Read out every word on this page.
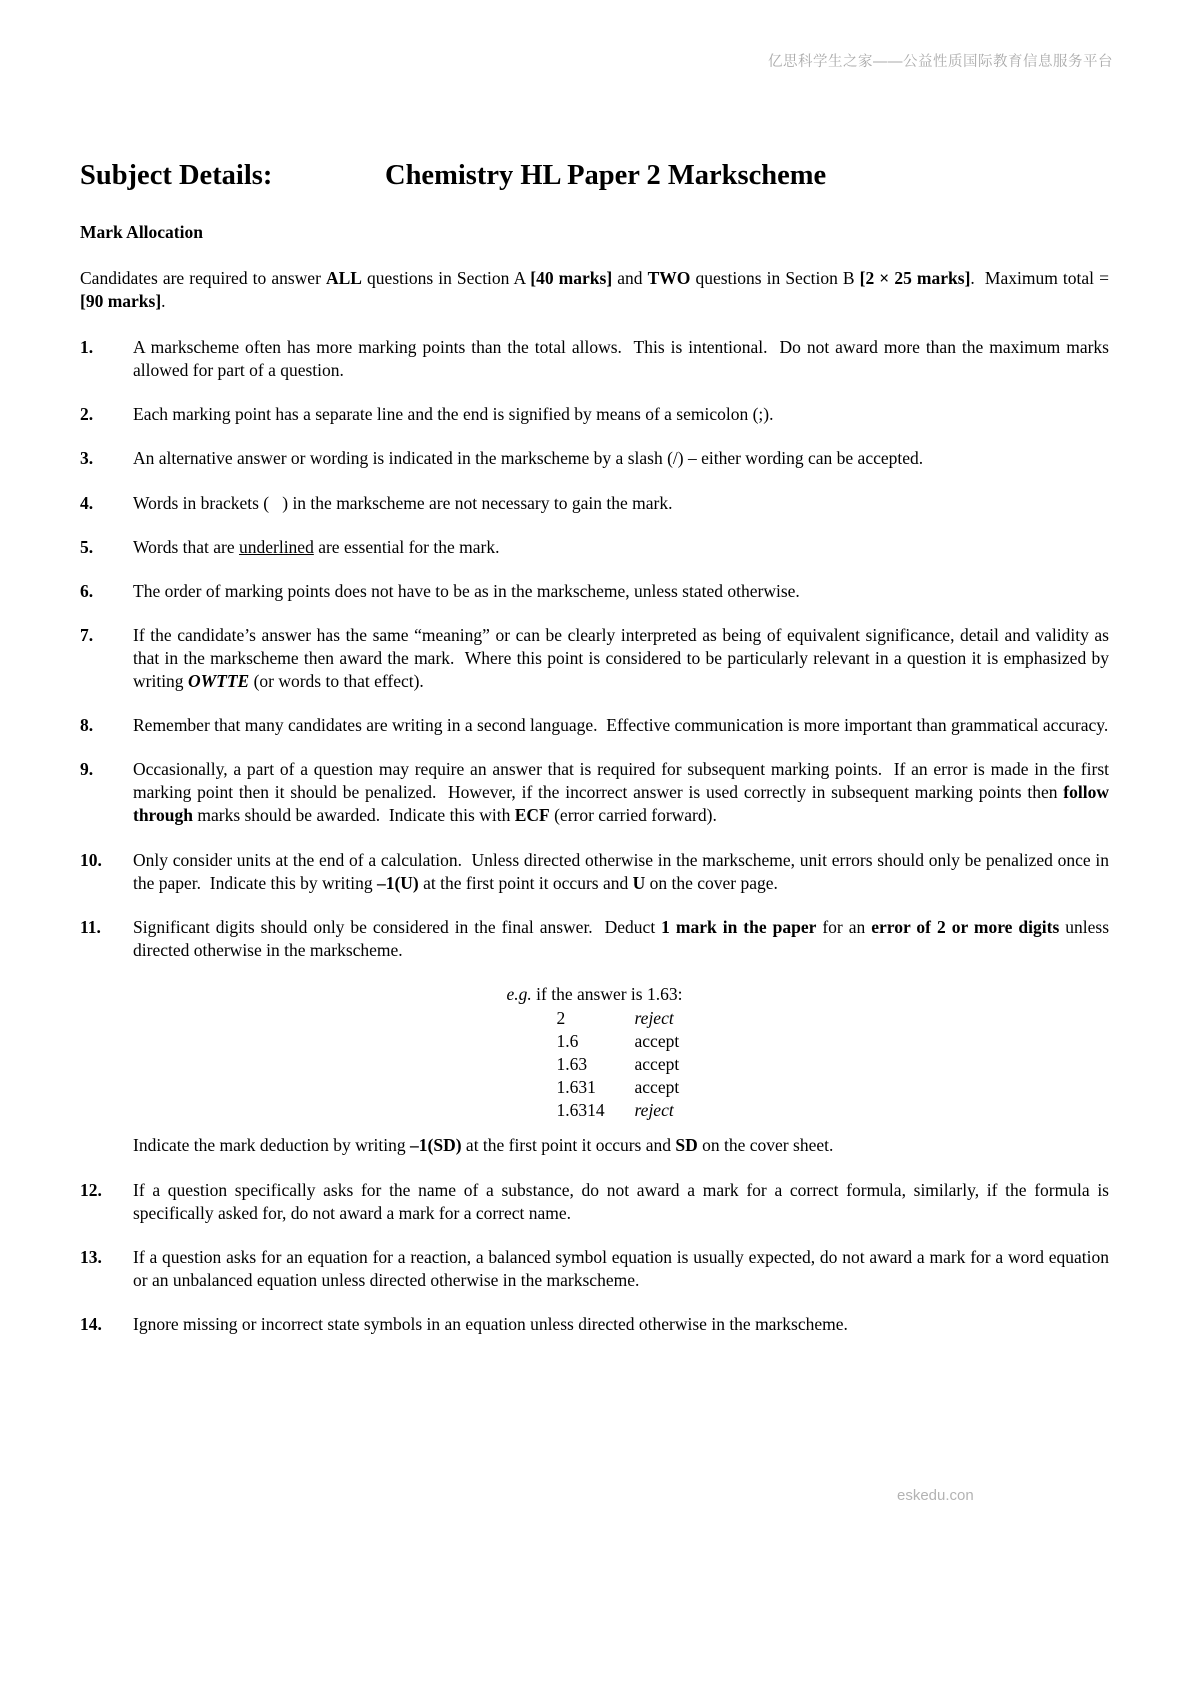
亿思科学生之家——公益性质国际教育信息服务平台
Subject Details:	Chemistry HL Paper 2 Markscheme
Mark Allocation

Candidates are required to answer ALL questions in Section A [40 marks] and TWO questions in Section B [2 × 25 marks].  Maximum total = [90 marks].

1.	A markscheme often has more marking points than the total allows.  This is intentional.  Do not award more than the maximum marks allowed for part of a question.
2.	Each marking point has a separate line and the end is signified by means of a semicolon (;).
3.	An alternative answer or wording is indicated in the markscheme by a slash (/) – either wording can be accepted.
4.	Words in brackets (   ) in the markscheme are not necessary to gain the mark.
5.	Words that are underlined are essential for the mark.
6.	The order of marking points does not have to be as in the markscheme, unless stated otherwise.
7.	If the candidate’s answer has the same “meaning” or can be clearly interpreted as being of equivalent significance, detail and validity as that in the markscheme then award the mark.  Where this point is considered to be particularly relevant in a question it is emphasized by writing OWTTE (or words to that effect).
8.	Remember that many candidates are writing in a second language.  Effective communication is more important than grammatical accuracy.
9.	Occasionally, a part of a question may require an answer that is required for subsequent marking points.  If an error is made in the first marking point then it should be penalized.  However, if the incorrect answer is used correctly in subsequent marking points then follow through marks should be awarded.  Indicate this with ECF (error carried forward).
10.	Only consider units at the end of a calculation.  Unless directed otherwise in the markscheme, unit errors should only be penalized once in the paper.  Indicate this by writing –1(U) at the first point it occurs and U on the cover page.
11.	Significant digits should only be considered in the final answer.  Deduct 1 mark in the paper for an error of 2 or more digits unless directed otherwise in the markscheme.
e.g. if the answer is 1.63:
2	reject
1.6	accept
1.63	accept
1.631	accept
1.6314	reject
Indicate the mark deduction by writing –1(SD) at the first point it occurs and SD on the cover sheet.
12.	If a question specifically asks for the name of a substance, do not award a mark for a correct formula, similarly, if the formula is specifically asked for, do not award a mark for a correct name.
13.	If a question asks for an equation for a reaction, a balanced symbol equation is usually expected, do not award a mark for a word equation or an unbalanced equation unless directed otherwise in the markscheme.
14.	Ignore missing or incorrect state symbols in an equation unless directed otherwise in the markscheme.
eskedu.con
